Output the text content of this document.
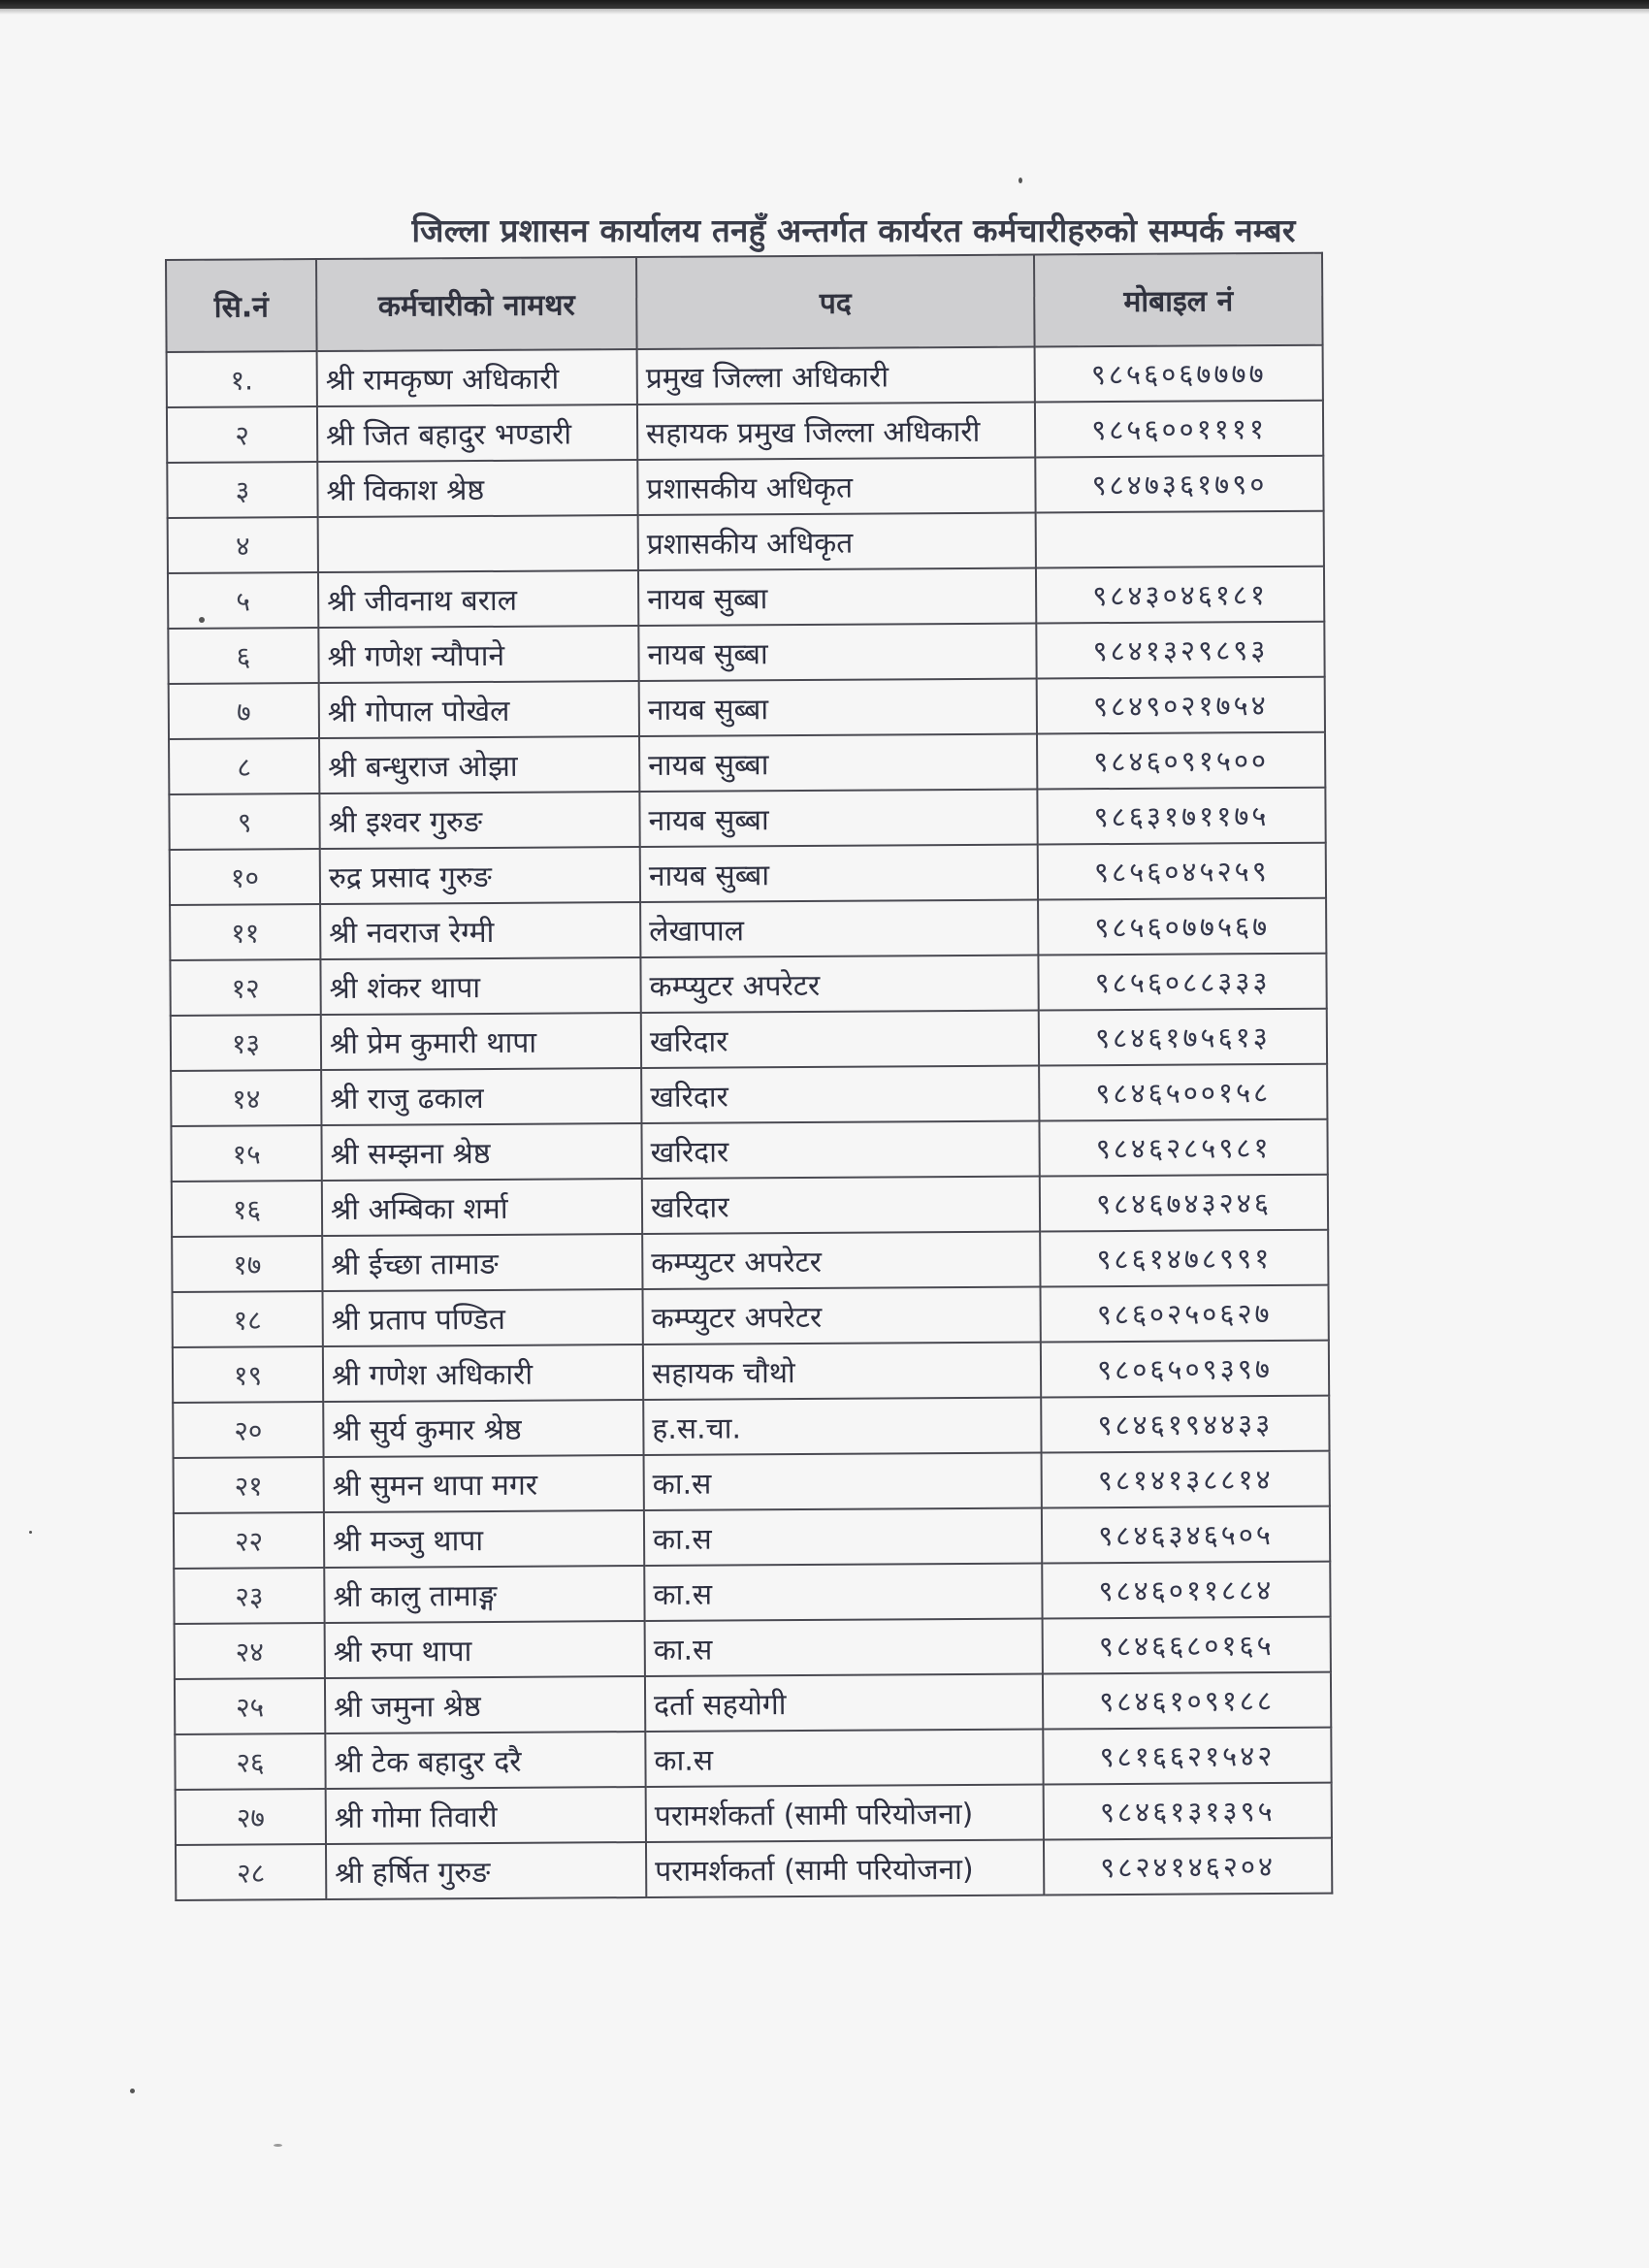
जिल्ला प्रशासन कार्यालय तनहुँ अन्तर्गत कार्यरत कर्मचारीहरुको सम्पर्क नम्बर
सि.नं	कर्मचारीको नामथर	पद	मोबाइल नं
१.	श्री रामकृष्ण अधिकारी	प्रमुख जिल्ला अधिकारी	९८५६०६७७७७
२	श्री जित बहादुर भण्डारी	सहायक प्रमुख जिल्ला अधिकारी	९८५६००११११
३	श्री विकाश श्रेष्ठ	प्रशासकीय अधिकृत	९८४७३६१७९०
४		प्रशासकीय अधिकृत	
५	श्री जीवनाथ बराल	नायब सुब्बा	९८४३०४६१८१
६	श्री गणेश न्यौपाने	नायब सुब्बा	९८४१३२९८९३
७	श्री गोपाल पोखेल	नायब सुब्बा	९८४९०२१७५४
८	श्री बन्धुराज ओझा	नायब सुब्बा	९८४६०९१५००
९	श्री इश्वर गुरुङ	नायब सुब्बा	९८६३१७११७५
१०	रुद्र प्रसाद गुरुङ	नायब सुब्बा	९८५६०४५२५९
११	श्री नवराज रेग्मी	लेखापाल	९८५६०७७५६७
१२	श्री शंकर थापा	कम्प्युटर अपरेटर	९८५६०८८३३३
१३	श्री प्रेम कुमारी थापा	खरिदार	९८४६१७५६१३
१४	श्री राजु ढकाल	खरिदार	९८४६५००१५८
१५	श्री सम्झना श्रेष्ठ	खरिदार	९८४६२८५९८१
१६	श्री अम्बिका शर्मा	खरिदार	९८४६७४३२४६
१७	श्री ईच्छा तामाङ	कम्प्युटर अपरेटर	९८६१४७८९९१
१८	श्री प्रताप पण्डित	कम्प्युटर अपरेटर	९८६०२५०६२७
१९	श्री गणेश अधिकारी	सहायक चौथो	९८०६५०९३९७
२०	श्री सुर्य कुमार श्रेष्ठ	ह.स.चा.	९८४६१९४४३३
२१	श्री सुमन थापा मगर	का.स	९८१४१३८८१४
२२	श्री मञ्जु थापा	का.स	९८४६३४६५०५
२३	श्री कालु तामाङ्ग	का.स	९८४६०११८८४
२४	श्री रुपा थापा	का.स	९८४६६८०१६५
२५	श्री जमुना श्रेष्ठ	दर्ता सहयोगी	९८४६१०९१८८
२६	श्री टेक बहादुर दरै	का.स	९८१६६२१५४२
२७	श्री गोमा तिवारी	परामर्शकर्ता (सामी परियोजना)	९८४६१३१३९५
२८	श्री हर्षित गुरुङ	परामर्शकर्ता (सामी परियोजना)	९८२४१४६२०४
